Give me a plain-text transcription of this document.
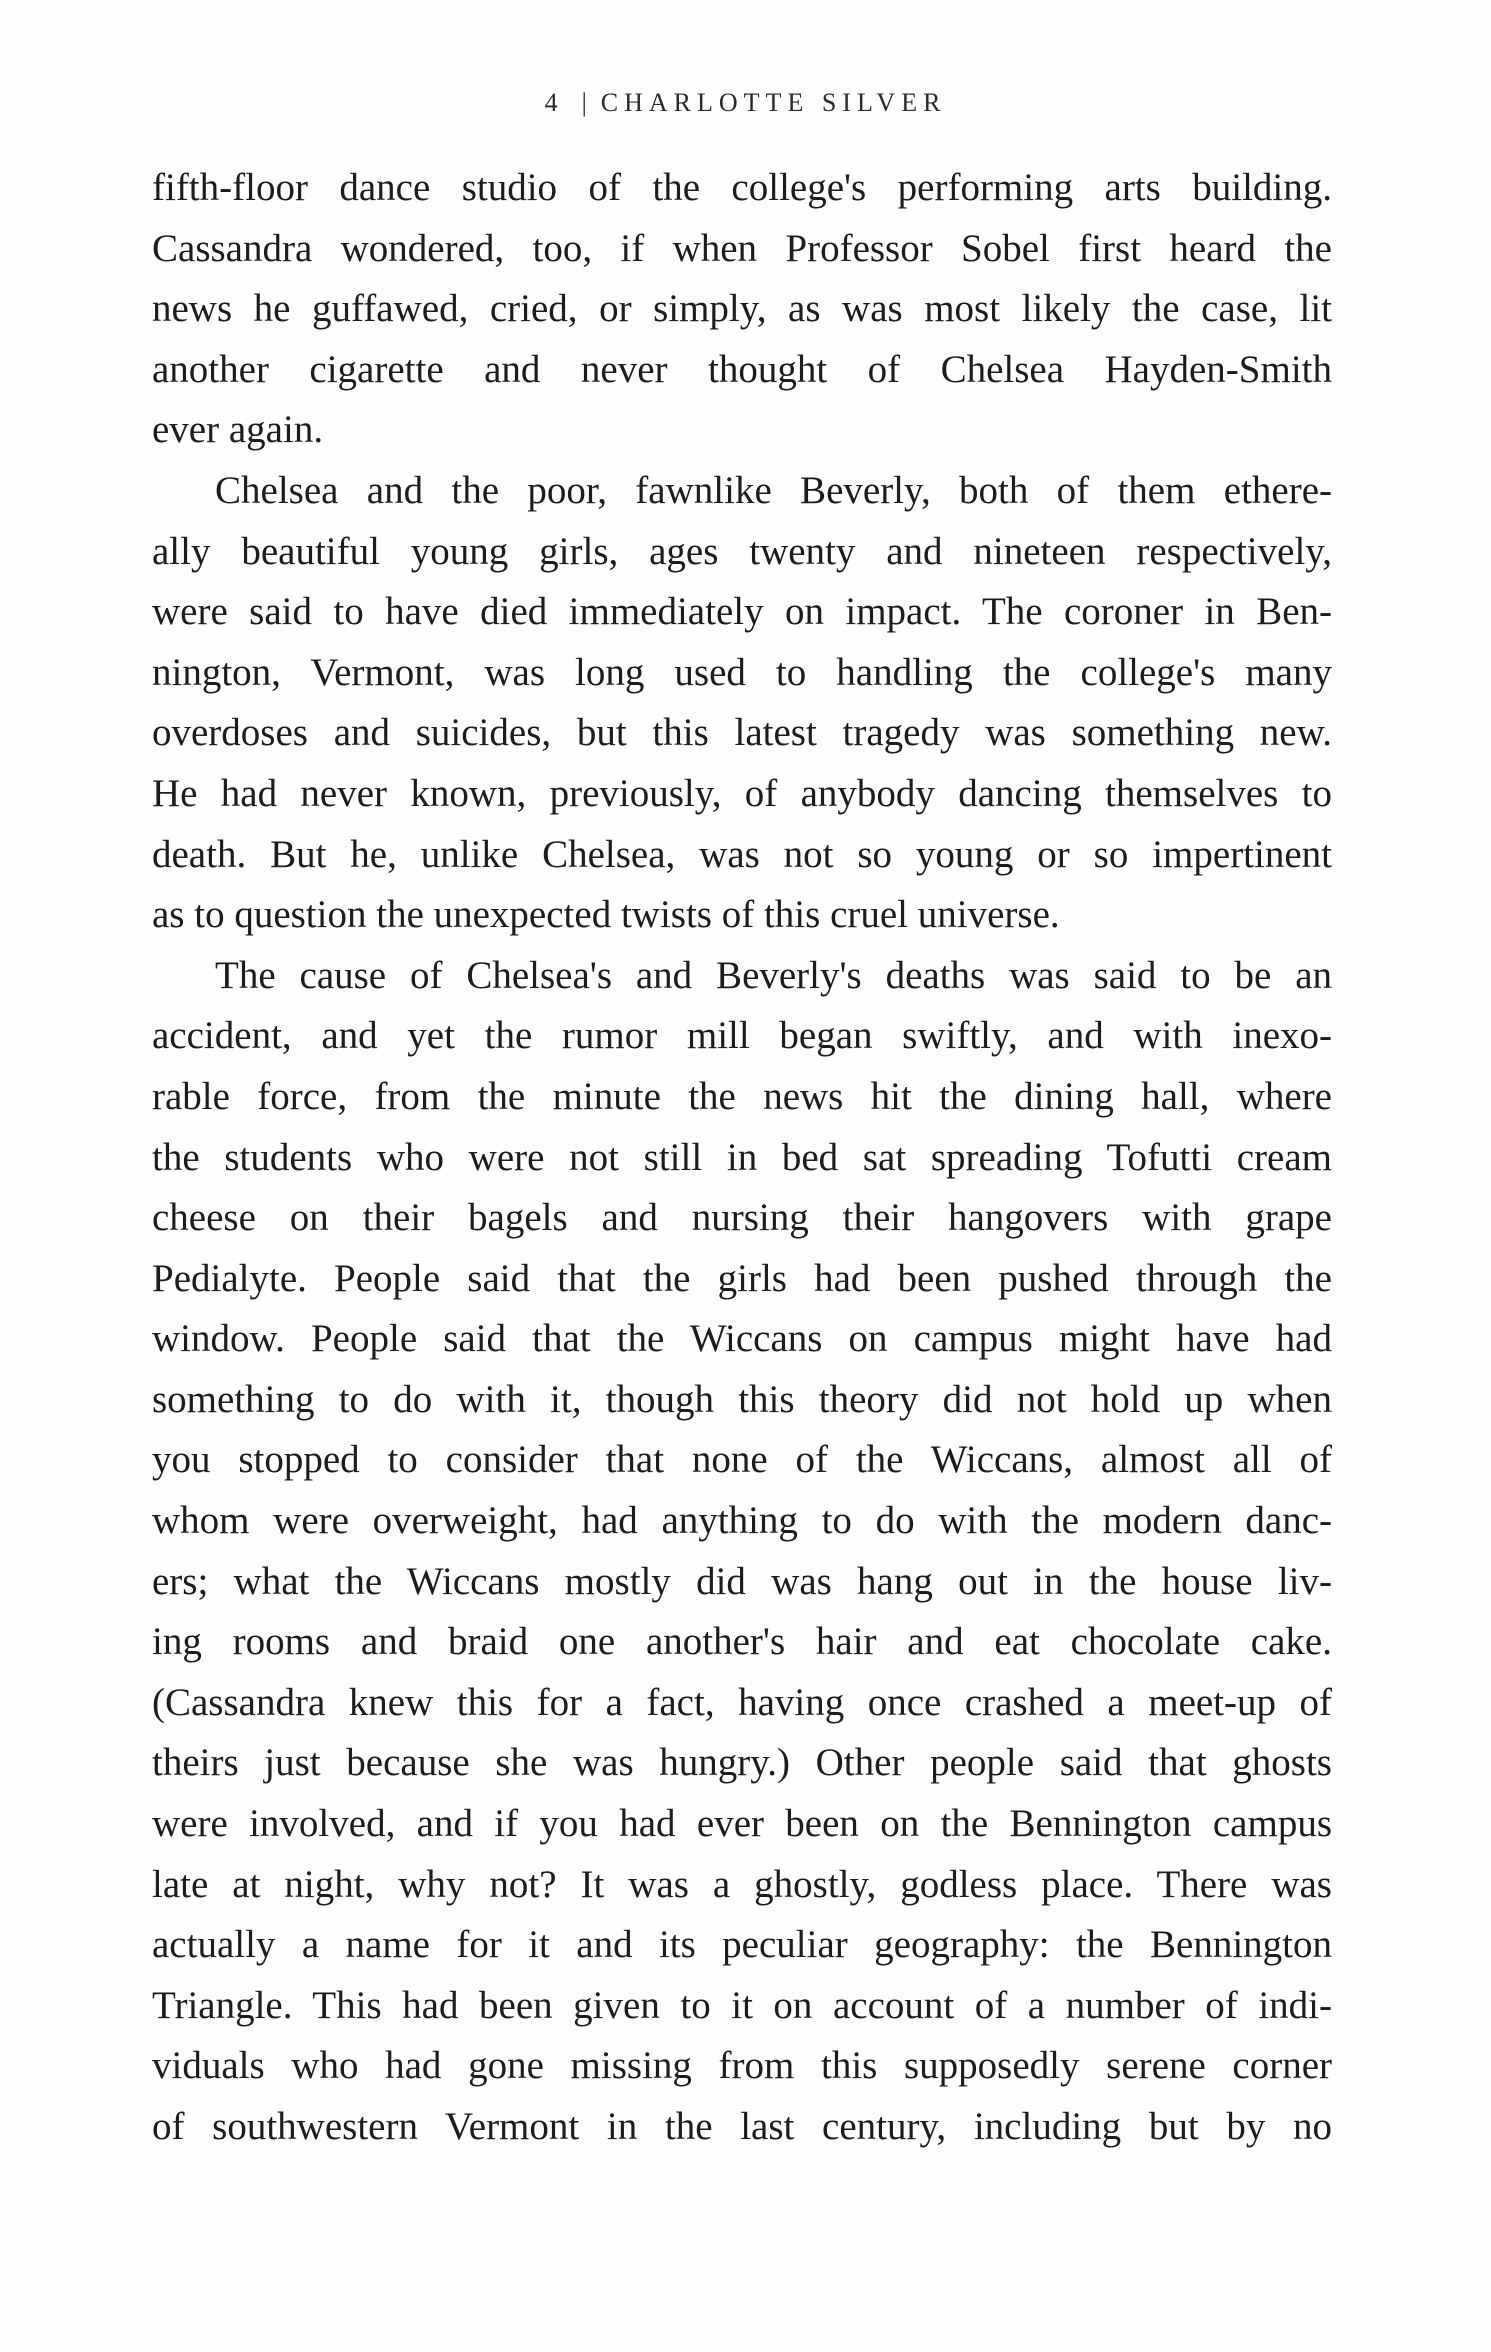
4 | CHARLOTTE SILVER
fifth-floor dance studio of the college's performing arts building.
Cassandra wondered, too, if when Professor Sobel first heard the
news he guffawed, cried, or simply, as was most likely the case, lit
another cigarette and never thought of Chelsea Hayden-Smith
ever again.
Chelsea and the poor, fawnlike Beverly, both of them ethere-
ally beautiful young girls, ages twenty and nineteen respectively,
were said to have died immediately on impact. The coroner in Ben-
nington, Vermont, was long used to handling the college's many
overdoses and suicides, but this latest tragedy was something new.
He had never known, previously, of anybody dancing themselves to
death. But he, unlike Chelsea, was not so young or so impertinent
as to question the unexpected twists of this cruel universe.
The cause of Chelsea's and Beverly's deaths was said to be an
accident, and yet the rumor mill began swiftly, and with inexo-
rable force, from the minute the news hit the dining hall, where
the students who were not still in bed sat spreading Tofutti cream
cheese on their bagels and nursing their hangovers with grape
Pedialyte. People said that the girls had been pushed through the
window. People said that the Wiccans on campus might have had
something to do with it, though this theory did not hold up when
you stopped to consider that none of the Wiccans, almost all of
whom were overweight, had anything to do with the modern danc-
ers; what the Wiccans mostly did was hang out in the house liv-
ing rooms and braid one another's hair and eat chocolate cake.
(Cassandra knew this for a fact, having once crashed a meet-up of
theirs just because she was hungry.) Other people said that ghosts
were involved, and if you had ever been on the Bennington campus
late at night, why not? It was a ghostly, godless place. There was
actually a name for it and its peculiar geography: the Bennington
Triangle. This had been given to it on account of a number of indi-
viduals who had gone missing from this supposedly serene corner
of southwestern Vermont in the last century, including but by no
